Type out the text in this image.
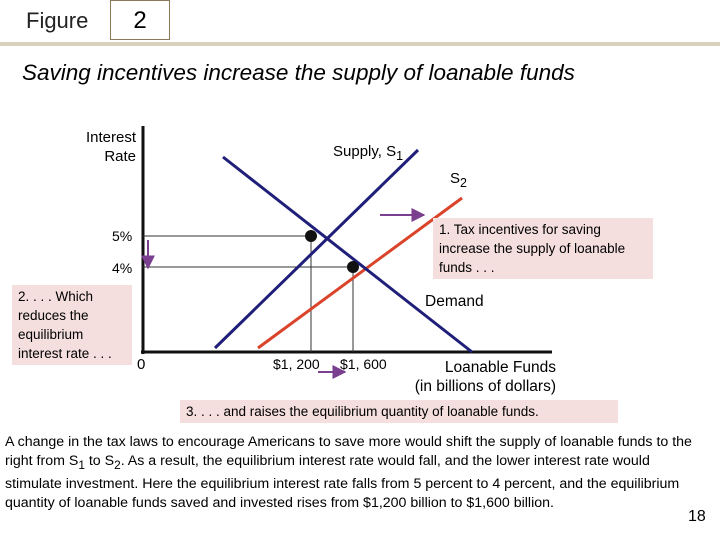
Figure	2
Saving incentives increase the supply of loanable funds
Interest
Rate
0
Supply, $S_1$
$S_2$
Demand
5%
4%
$1, 200 $1, 600	Loanable Funds
(in billions of dollars)
1. Tax incentives for saving increase the supply of loanable funds . . .
2. . . . Which reduces the equilibrium interest rate . . .
3. . . . and raises the equilibrium quantity of loanable funds.
A change in the tax laws to encourage Americans to save more would shift the supply of loanable funds to the right from $S_1$ to $S_2$. As a result, the equilibrium interest rate would fall, and the lower interest rate would stimulate investment. Here the equilibrium interest rate falls from 5 percent to 4 percent, and the equilibrium quantity of loanable funds saved and invested rises from $1,200 billion to $1,600 billion.
18
